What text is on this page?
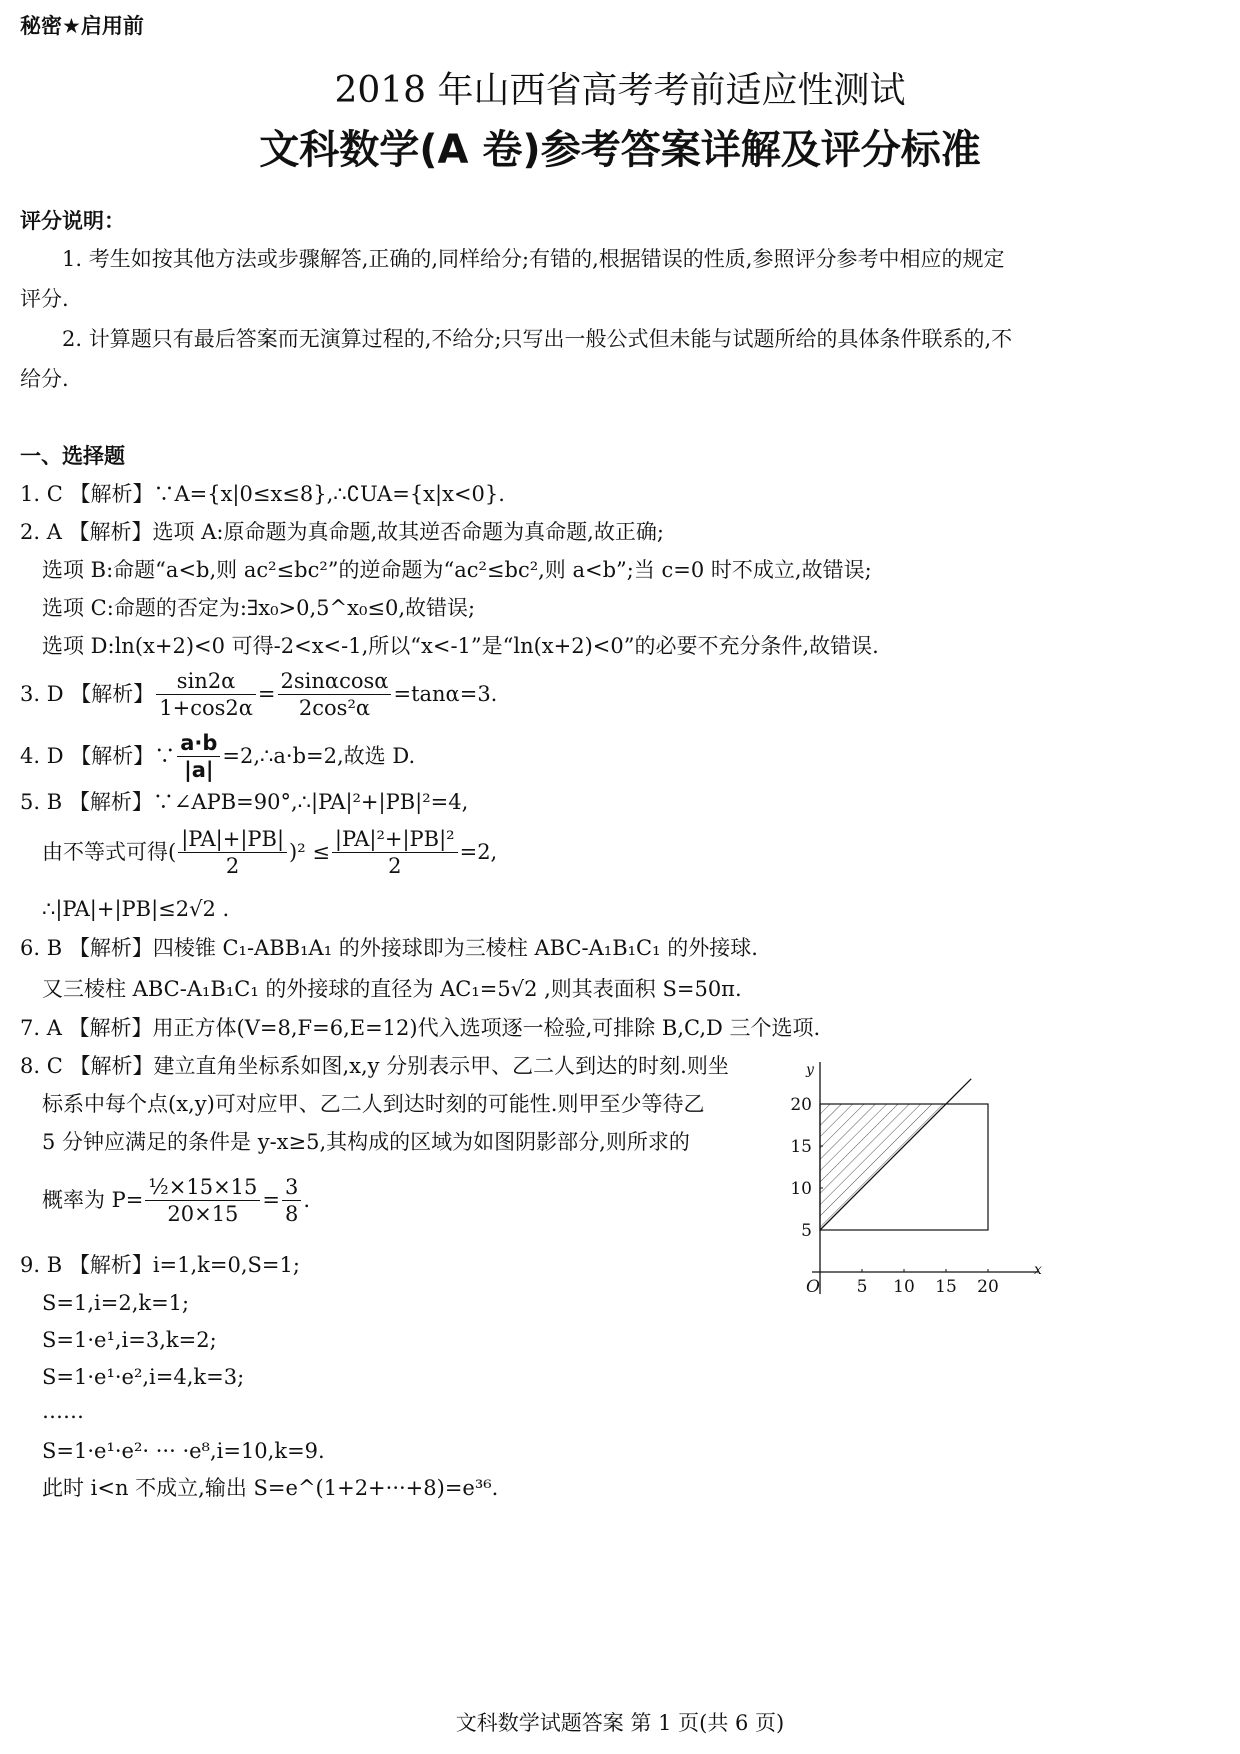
秘密★启用前
2018 年山西省高考考前适应性测试
文科数学(A 卷)参考答案详解及评分标准
评分说明：
1. 考生如按其他方法或步骤解答,正确的,同样给分;有错的,根据错误的性质,参照评分参考中相应的规定
评分.
2. 计算题只有最后答案而无演算过程的,不给分;只写出一般公式但未能与试题所给的具体条件联系的,不
给分.
一、选择题
1. C 【解析】∵A={x|0≤x≤8},∴∁UA={x|x<0}.
2. A 【解析】选项 A:原命题为真命题,故其逆否命题为真命题,故正确;
选项 B:命题“a<b,则 ac²≤bc²”的逆命题为“ac²≤bc²,则 a<b”;当 c=0 时不成立,故错误;
选项 C:命题的否定为:∃x₀>0,5^x₀≤0,故错误;
选项 D:ln(x+2)<0 可得-2<x<-1,所以“x<-1”是“ln(x+2)<0”的必要不充分条件,故错误.
3. D 【解析】 $\frac{\sin 2\alpha}{1+\cos 2\alpha} = \frac{2\sin\alpha\cos\alpha}{\text{2cos²α}} =\tan\alpha=3$.
4. D 【解析】∵ $\frac{a\cdot b}{|a|}$ =2,∴a·b=2,故选 D.
5. B 【解析】∵∠APB=90°,∴|PA|²+|PB|²=4,
由不等式可得( $\frac{|PA|+|PB|}{2} )^2 \le \frac{\text{|PA|²+|PB|²}}{2} =2$,
∴|PA|+|PB|≤2√2 .
6. B 【解析】四棱锥 C₁-ABB₁A₁ 的外接球即为三棱柱 ABC-A₁B₁C₁ 的外接球.
又三棱柱 ABC-A₁B₁C₁ 的外接球的直径为 AC₁=5√2 ,则其表面积 S=50π.
7. A 【解析】用正方体(V=8,F=6,E=12)代入选项逐一检验,可排除 B,C,D 三个选项.
8. C 【解析】建立直角坐标系如图,x,y 分别表示甲、乙二人到达的时刻.则坐
标系中每个点(x,y)可对应甲、乙二人到达时刻的可能性.则甲至少等待乙
5 分钟应满足的条件是 y-x≥5,其构成的区域为如图阴影部分,则所求的
概率为 $P= \frac{\text{½×15×15}}{20\times 15} = \frac{3}{8}$ .
9. B 【解析】i=1,k=0,S=1;
S=1,i=2,k=1;
S=1·e¹,i=3,k=2;
S=1·e¹·e²,i=4,k=3;
……
S=1·e¹·e²· ··· ·e⁸,i=10,k=9.
此时 i<n 不成立,输出 S=e^(1+2+···+8)=e³⁶.
5 10 15 20
5
10
15
20
O
x
y
文科数学试题答案 第 1 页(共 6 页)
